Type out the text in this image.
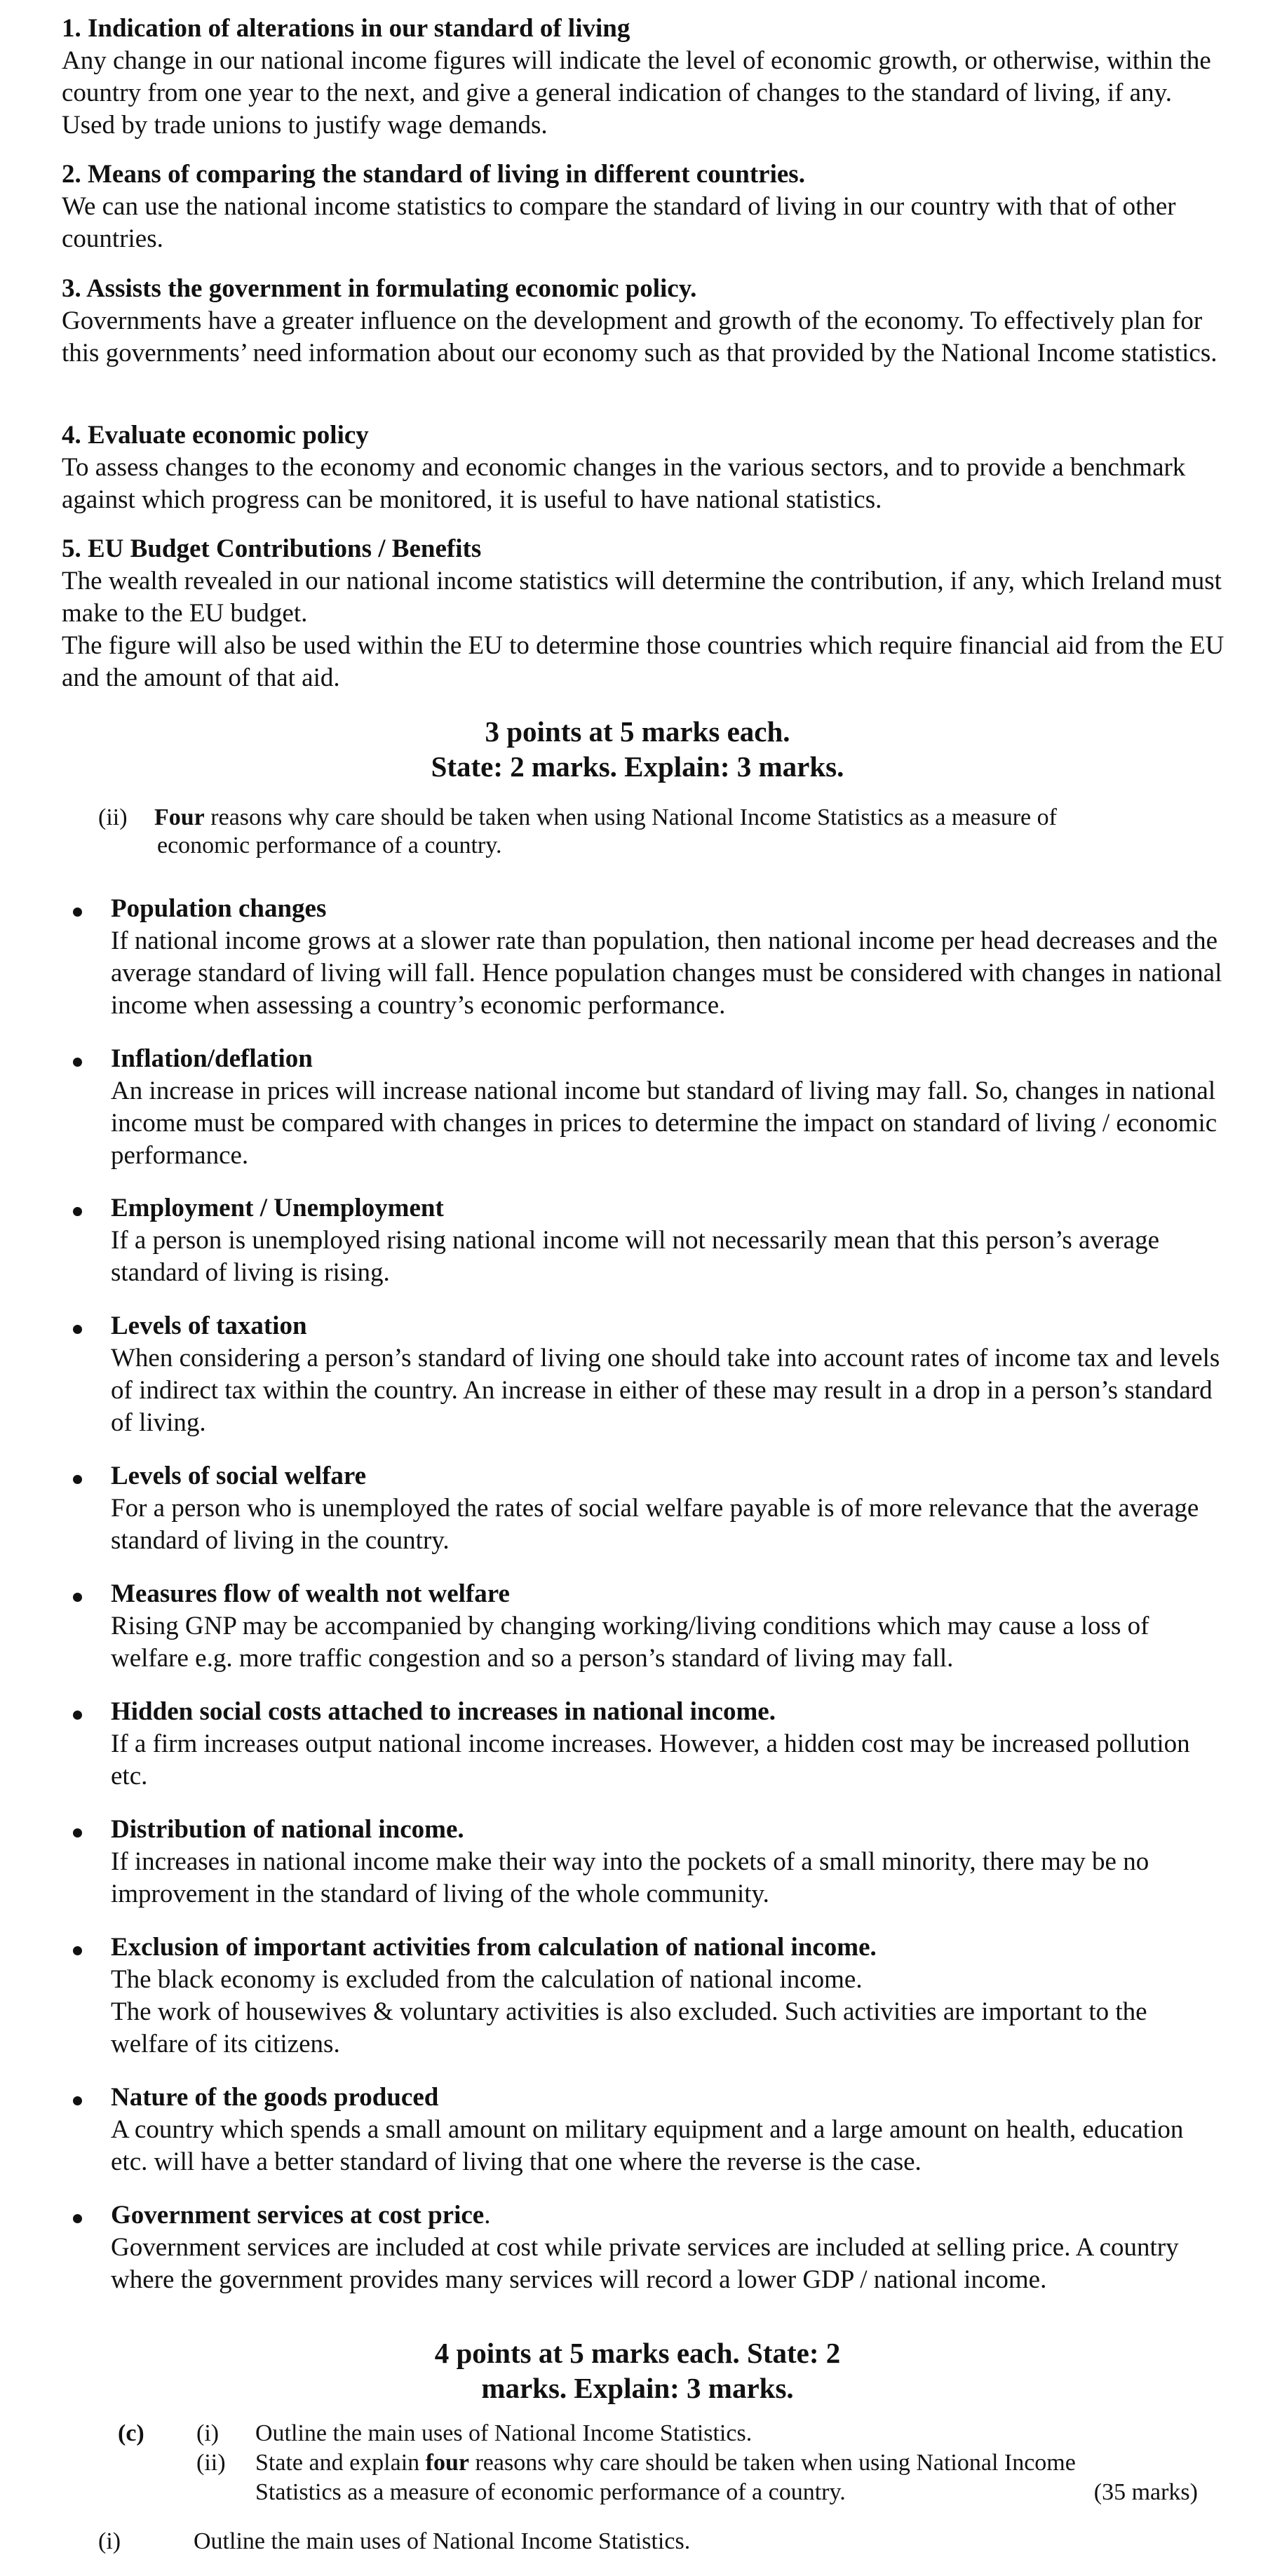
1. Indication of alterations in our standard of living

Any change in our national income figures will indicate the level of economic growth, or otherwise, within the country from one year to the next, and give a general indication of changes to the standard of living, if any. Used by trade unions to justify wage demands.

2. Means of comparing the standard of living in different countries.

We can use the national income statistics to compare the standard of living in our country with that of other countries.

3. Assists the government in formulating economic policy.

Governments have a greater influence on the development and growth of the economy. To effectively plan for this governments’ need information about our economy such as that provided by the National Income statistics.

4. Evaluate economic policy

To assess changes to the economy and economic changes in the various sectors, and to provide a benchmark against which progress can be monitored, it is useful to have national statistics.

5. EU Budget Contributions / Benefits

The wealth revealed in our national income statistics will determine the contribution, if any, which Ireland must make to the EU budget.

The figure will also be used within the EU to determine those countries which require financial aid from the EU and the amount of that aid.

3 points at 5 marks each.
State: 2 marks. Explain: 3 marks.
(ii) Four reasons why care should be taken when using National Income Statistics as a measure of
economic performance of a country.
Population changes

If national income grows at a slower rate than population, then national income per head decreases and the average standard of living will fall. Hence population changes must be considered with changes in national income when assessing a country’s economic performance.

Inflation/deflation

An increase in prices will increase national income but standard of living may fall. So, changes in national income must be compared with changes in prices to determine the impact on standard of living / economic performance.

Employment / Unemployment

If a person is unemployed rising national income will not necessarily mean that this person’s average standard of living is rising.

Levels of taxation

When considering a person’s standard of living one should take into account rates of income tax and levels of indirect tax within the country. An increase in either of these may result in a drop in a person’s standard of living.

Levels of social welfare

For a person who is unemployed the rates of social welfare payable is of more relevance that the average standard of living in the country.

Measures flow of wealth not welfare

Rising GNP may be accompanied by changing working/living conditions which may cause a loss of welfare e.g. more traffic congestion and so a person’s standard of living may fall.

Hidden social costs attached to increases in national income.

If a firm increases output national income increases. However, a hidden cost may be increased pollution etc.

Distribution of national income.

If increases in national income make their way into the pockets of a small minority, there may be no improvement in the standard of living of the whole community.

Exclusion of important activities from calculation of national income.

The black economy is excluded from the calculation of national income.

The work of housewives & voluntary activities is also excluded. Such activities are important to the welfare of its citizens.

Nature of the goods produced

A country which spends a small amount on military equipment and a large amount on health, education etc. will have a better standard of living that one where the reverse is the case.

Government services at cost price.

Government services are included at cost while private services are included at selling price. A country where the government provides many services will record a lower GDP / national income.

4 points at 5 marks each. State: 2
marks. Explain: 3 marks.
(c) (i) Outline the main uses of National Income Statistics.
(ii) State and explain four reasons why care should be taken when using National Income
Statistics as a measure of economic performance of a country.	(35 marks)
(i)	Outline the main uses of National Income Statistics.
